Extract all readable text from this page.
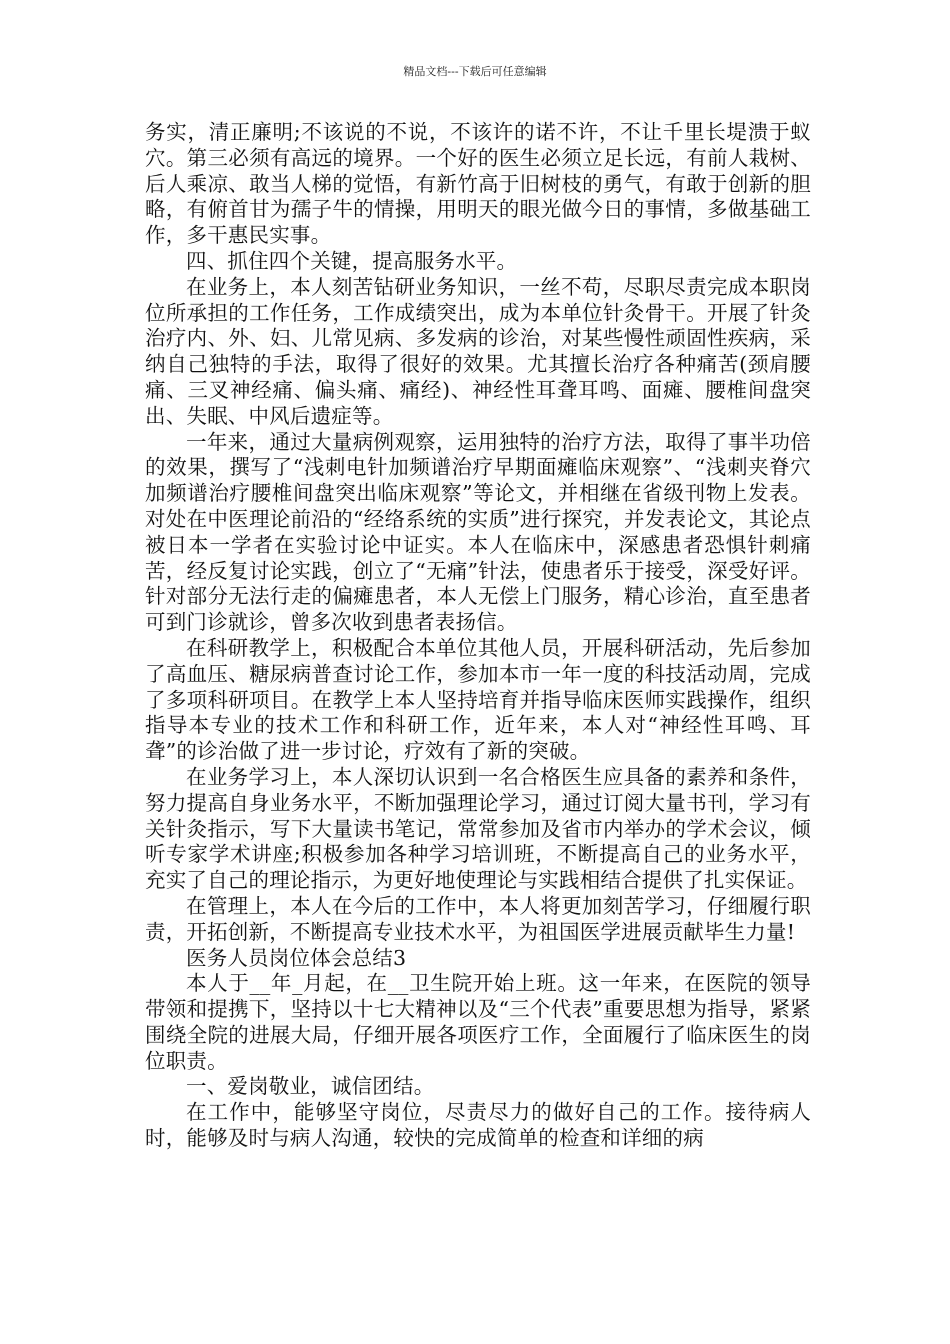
精品文档---下载后可任意编辑

务实，清正廉明;不该说的不说，不该许的诺不许，不让千里长堤溃于蚁穴。第三必须有高远的境界。一个好的医生必须立足长远，有前人栽树、后人乘凉、敢当人梯的觉悟，有新竹高于旧树枝的勇气，有敢于创新的胆略，有俯首甘为孺子牛的情操，用明天的眼光做今日的事情，多做基础工作，多干惠民实事。

四、抓住四个关键，提高服务水平。

在业务上，本人刻苦钻研业务知识，一丝不苟，尽职尽责完成本职岗位所承担的工作任务，工作成绩突出，成为本单位针灸骨干。开展了针灸治疗内、外、妇、儿常见病、多发病的诊治，对某些慢性顽固性疾病，采纳自己独特的手法，取得了很好的效果。尤其擅长治疗各种痛苦(颈肩腰痛、三叉神经痛、偏头痛、痛经)、神经性耳聋耳鸣、面瘫、腰椎间盘突出、失眠、中风后遗症等。

一年来，通过大量病例观察，运用独特的治疗方法，取得了事半功倍的效果，撰写了“浅刺电针加频谱治疗早期面瘫临床观察”、“浅刺夹脊穴加频谱治疗腰椎间盘突出临床观察”等论文，并相继在省级刊物上发表。对处在中医理论前沿的“经络系统的实质”进行探究，并发表论文，其论点被日本一学者在实验讨论中证实。本人在临床中，深感患者恐惧针刺痛苦，经反复讨论实践，创立了“无痛”针法，使患者乐于接受，深受好评。针对部分无法行走的偏瘫患者，本人无偿上门服务，精心诊治，直至患者可到门诊就诊，曾多次收到患者表扬信。

在科研教学上，积极配合本单位其他人员，开展科研活动，先后参加了高血压、糖尿病普查讨论工作，参加本市一年一度的科技活动周，完成了多项科研项目。在教学上本人坚持培育并指导临床医师实践操作，组织指导本专业的技术工作和科研工作，近年来，本人对“神经性耳鸣、耳聋”的诊治做了进一步讨论，疗效有了新的突破。

在业务学习上，本人深切认识到一名合格医生应具备的素养和条件，努力提高自身业务水平，不断加强理论学习，通过订阅大量书刊，学习有关针灸指示，写下大量读书笔记，常常参加及省市内举办的学术会议，倾听专家学术讲座;积极参加各种学习培训班，不断提高自己的业务水平，充实了自己的理论指示，为更好地使理论与实践相结合提供了扎实保证。

在管理上，本人在今后的工作中，本人将更加刻苦学习，仔细履行职责，开拓创新，不断提高专业技术水平，为祖国医学进展贡献毕生力量!

医务人员岗位体会总结3

本人于__年_月起，在__卫生院开始上班。这一年来，在医院的领导带领和提携下，坚持以十七大精神以及“三个代表”重要思想为指导，紧紧围绕全院的进展大局，仔细开展各项医疗工作，全面履行了临床医生的岗位职责。

一、爱岗敬业，诚信团结。

在工作中，能够坚守岗位，尽责尽力的做好自己的工作。接待病人时，能够及时与病人沟通，较快的完成简单的检查和详细的病
